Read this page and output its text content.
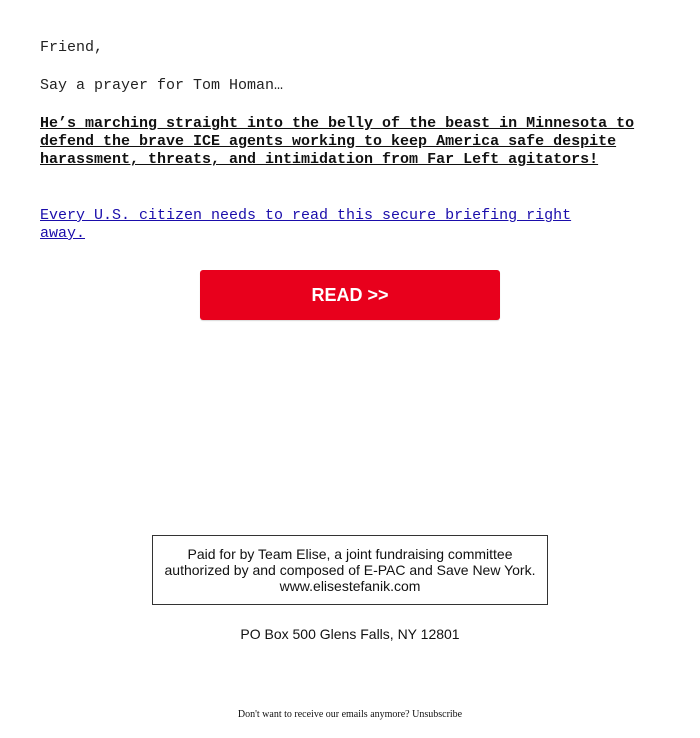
Friend,

Say a prayer for Tom Homan…

He’s marching straight into the belly of the beast in Minnesota to defend the brave ICE agents working to keep America safe despite harassment, threats, and intimidation from Far Left agitators!

Every U.S. citizen needs to read this secure briefing right away.
READ >>
Paid for by Team Elise, a joint fundraising committee
authorized by and composed of E-PAC and Save New York.
www.elisestefanik.com
PO Box 500 Glens Falls, NY 12801
Don't want to receive our emails anymore? Unsubscribe
